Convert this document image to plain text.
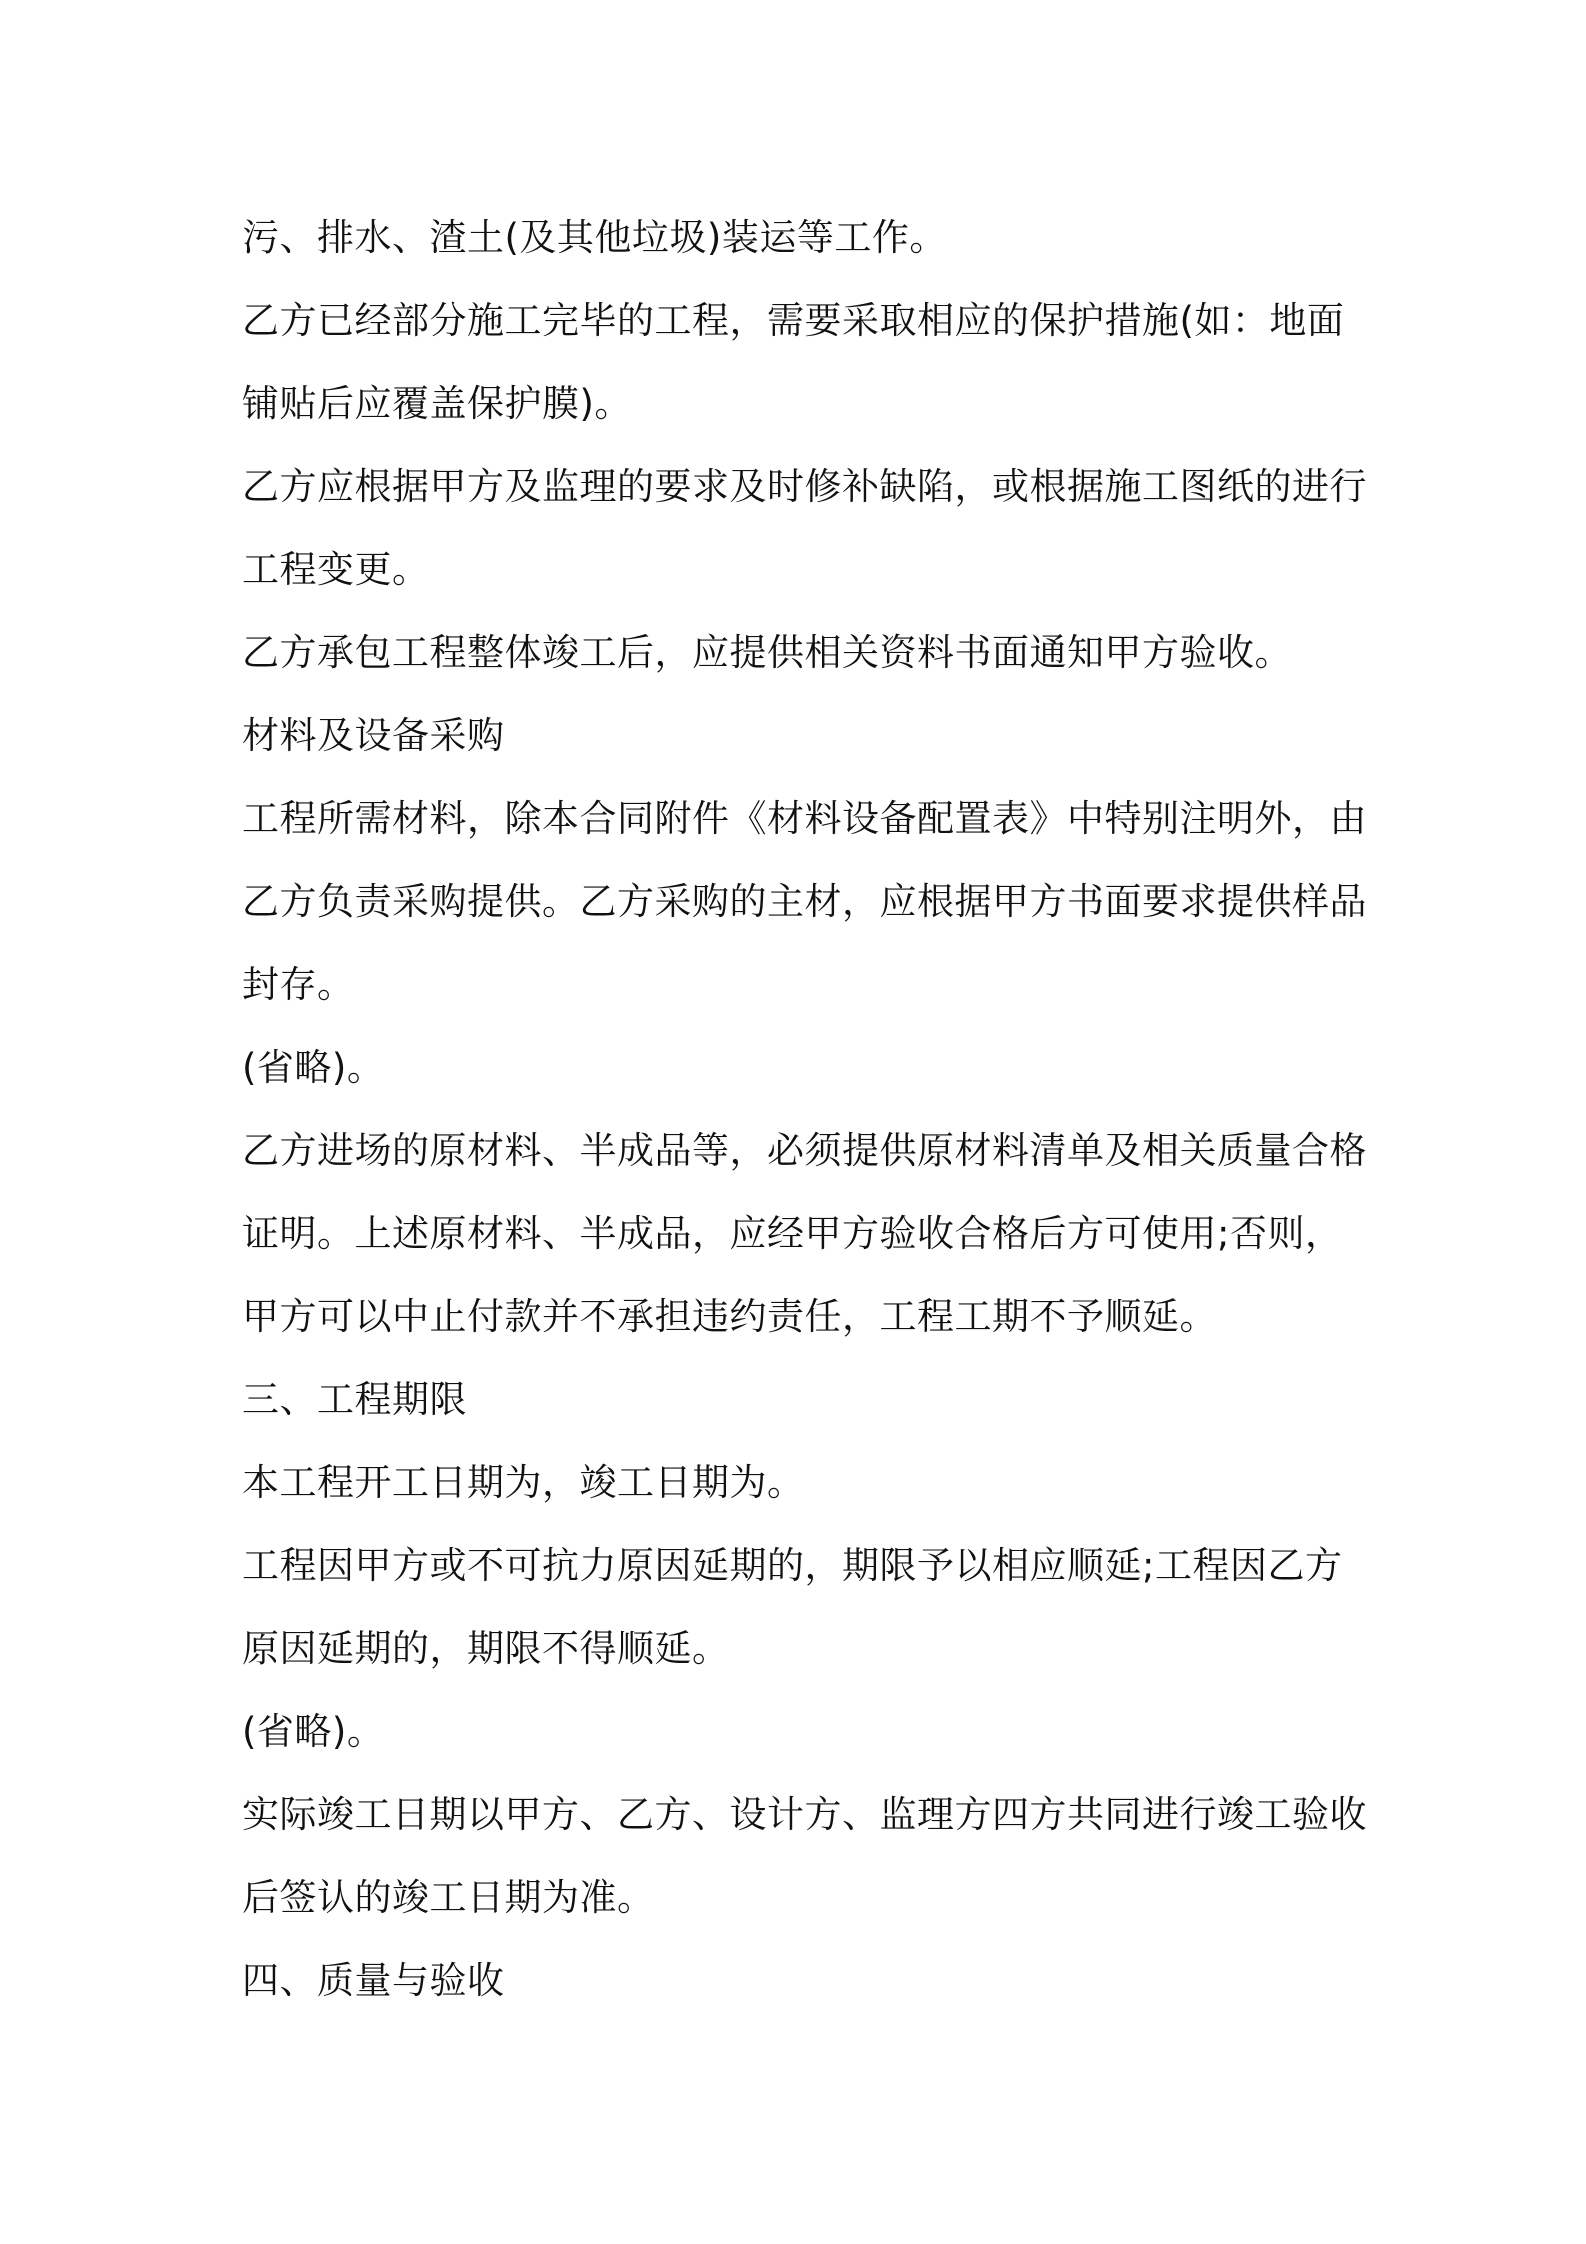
污、排水、渣土(及其他垃圾)装运等工作。
乙方已经部分施工完毕的工程，需要采取相应的保护措施(如：地面
铺贴后应覆盖保护膜)。
乙方应根据甲方及监理的要求及时修补缺陷，或根据施工图纸的进行
工程变更。
乙方承包工程整体竣工后，应提供相关资料书面通知甲方验收。
材料及设备采购
工程所需材料，除本合同附件《材料设备配置表》中特别注明外，由
乙方负责采购提供。乙方采购的主材，应根据甲方书面要求提供样品
封存。
(省略)。
乙方进场的原材料、半成品等，必须提供原材料清单及相关质量合格
证明。上述原材料、半成品，应经甲方验收合格后方可使用;否则，
甲方可以中止付款并不承担违约责任，工程工期不予顺延。
三、工程期限
本工程开工日期为，竣工日期为。
工程因甲方或不可抗力原因延期的，期限予以相应顺延;工程因乙方
原因延期的，期限不得顺延。
(省略)。
实际竣工日期以甲方、乙方、设计方、监理方四方共同进行竣工验收
后签认的竣工日期为准。
四、质量与验收
